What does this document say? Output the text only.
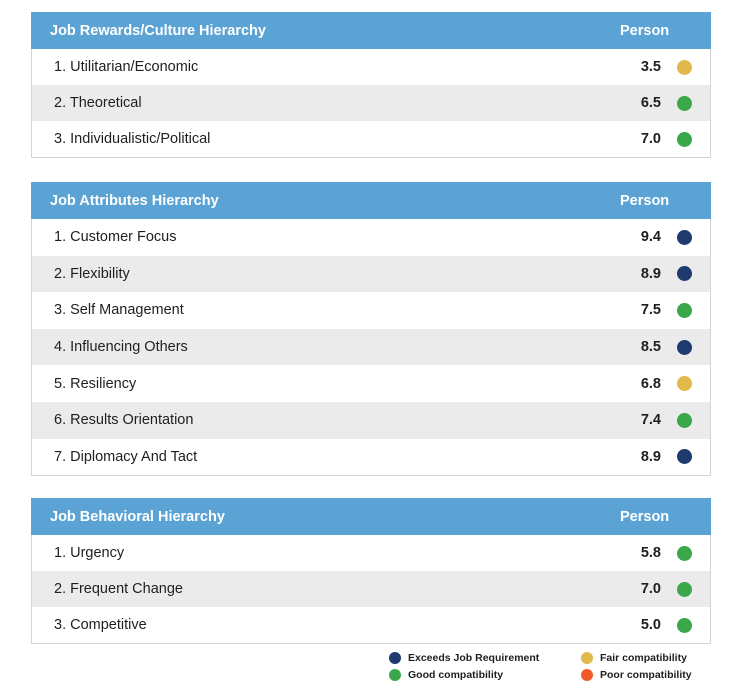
Job Rewards/Culture Hierarchy	Person
1. Utilitarian/Economic	3.5
2. Theoretical	6.5
3. Individualistic/Political	7.0
Job Attributes Hierarchy	Person
1. Customer Focus	9.4
2. Flexibility	8.9
3. Self Management	7.5
4. Influencing Others	8.5
5. Resiliency	6.8
6. Results Orientation	7.4
7. Diplomacy And Tact	8.9
Job Behavioral Hierarchy	Person
1. Urgency	5.8
2. Frequent Change	7.0
3. Competitive	5.0
Exceeds Job Requirement	Fair compatibility
Good compatibility	Poor compatibility
